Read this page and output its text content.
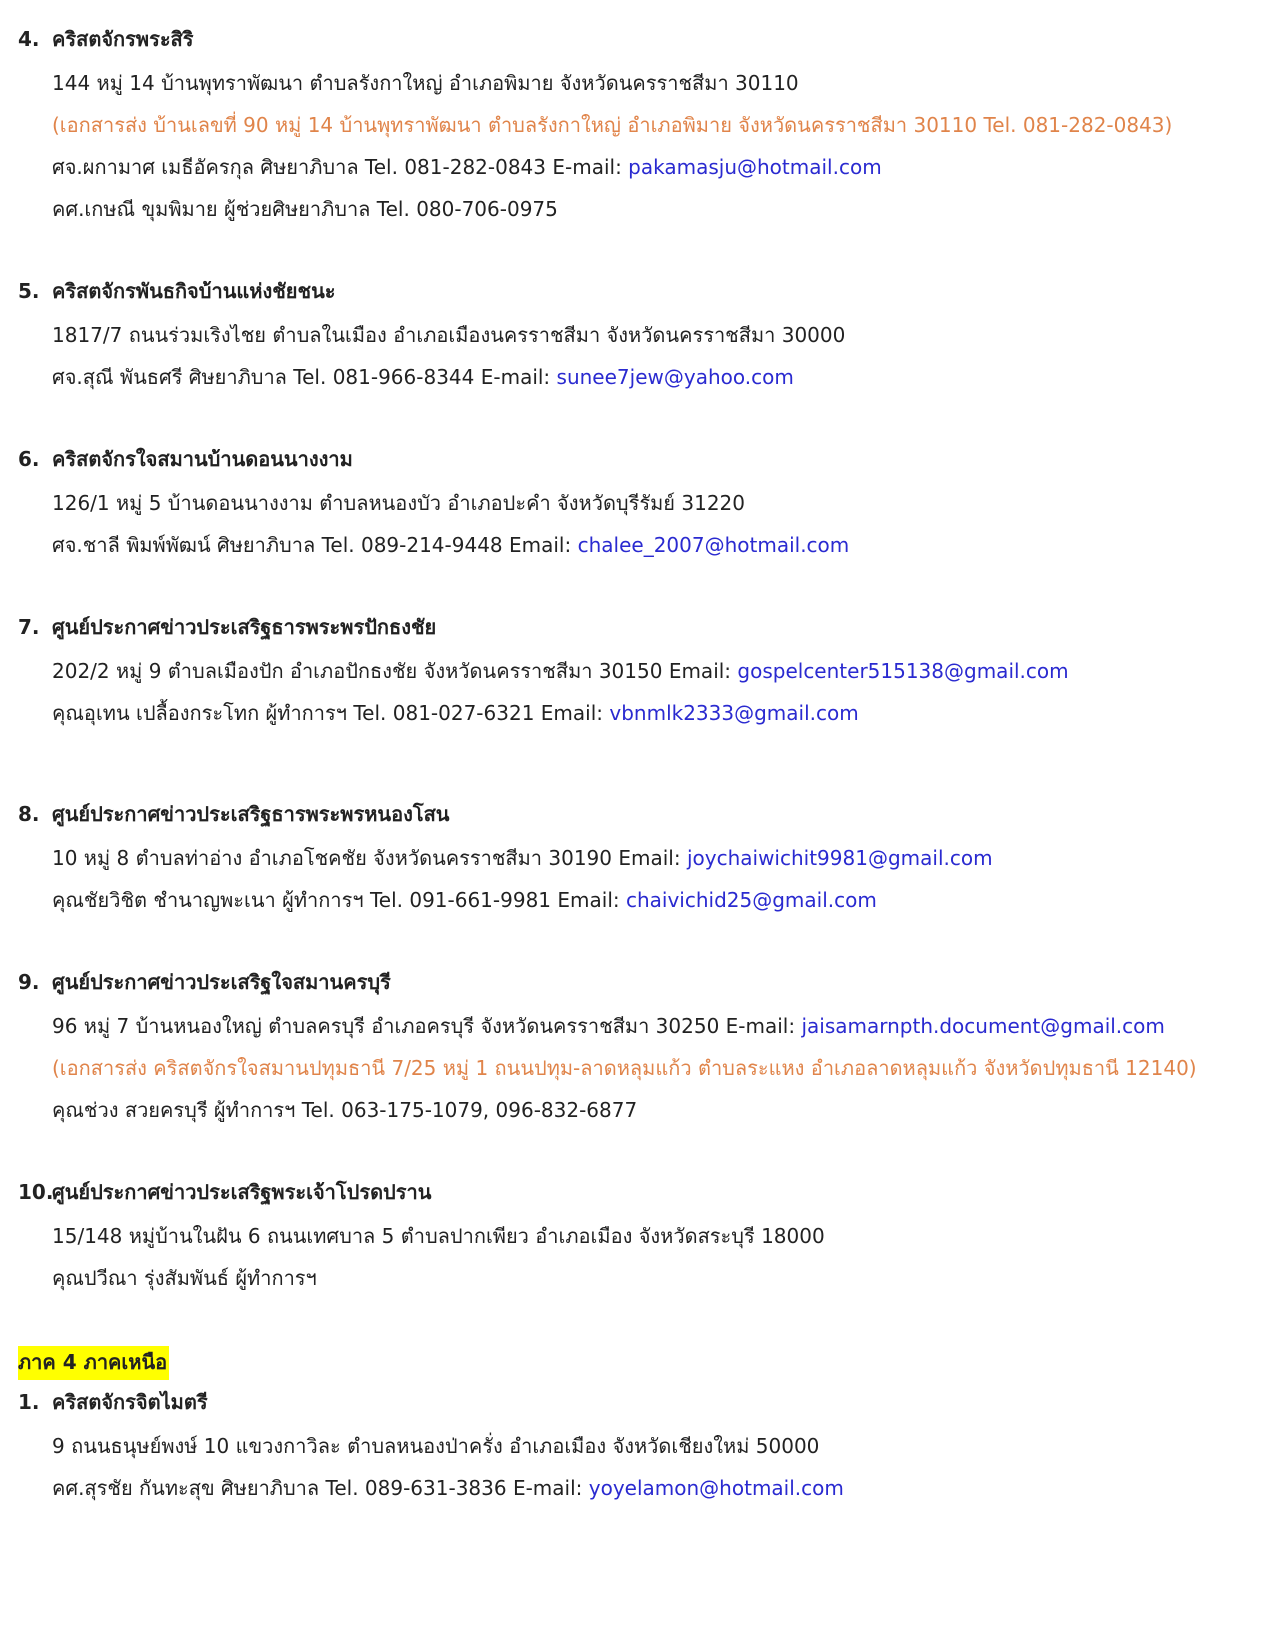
4. คริสตจักรพระสิริ
144 หมู่ 14 บ้านพุทราพัฒนา ตำบลรังกาใหญ่ อำเภอพิมาย จังหวัดนครราชสีมา 30110
(เอกสารส่ง บ้านเลขที่ 90 หมู่ 14 บ้านพุทราพัฒนา ตำบลรังกาใหญ่ อำเภอพิมาย จังหวัดนครราชสีมา 30110 Tel. 081-282-0843)
ศจ.ผกามาศ เมธีอัครกุล ศิษยาภิบาล Tel. 081-282-0843 E-mail: pakamasju@hotmail.com
คศ.เกษณี ขุมพิมาย ผู้ช่วยศิษยาภิบาล Tel. 080-706-0975
5. คริสตจักรพันธกิจบ้านแห่งชัยชนะ
1817/7 ถนนร่วมเริงไชย ตำบลในเมือง อำเภอเมืองนครราชสีมา จังหวัดนครราชสีมา 30000
ศจ.สุณี พันธศรี ศิษยาภิบาล Tel. 081-966-8344 E-mail: sunee7jew@yahoo.com
6. คริสตจักรใจสมานบ้านดอนนางงาม
126/1 หมู่ 5 บ้านดอนนางงาม ตำบลหนองบัว อำเภอปะคำ จังหวัดบุรีรัมย์ 31220
ศจ.ชาลี พิมพ์พัฒน์ ศิษยาภิบาล Tel. 089-214-9448 Email: chalee_2007@hotmail.com
7. ศูนย์ประกาศข่าวประเสริฐธารพระพรปักธงชัย
202/2 หมู่ 9 ตำบลเมืองปัก อำเภอปักธงชัย จังหวัดนครราชสีมา 30150 Email: gospelcenter515138@gmail.com
คุณอุเทน เปลื้องกระโทก ผู้ทำการฯ Tel. 081-027-6321 Email: vbnmlk2333@gmail.com
8. ศูนย์ประกาศข่าวประเสริฐธารพระพรหนองโสน
10 หมู่ 8 ตำบลท่าอ่าง อำเภอโชคชัย จังหวัดนครราชสีมา 30190 Email: joychaiwichit9981@gmail.com
คุณชัยวิชิต ชำนาญพะเนา ผู้ทำการฯ Tel. 091-661-9981 Email: chaivichid25@gmail.com
9. ศูนย์ประกาศข่าวประเสริฐใจสมานครบุรี
96 หมู่ 7 บ้านหนองใหญ่ ตำบลครบุรี อำเภอครบุรี จังหวัดนครราชสีมา 30250 E-mail: jaisamarnpth.document@gmail.com
(เอกสารส่ง คริสตจักรใจสมานปทุมธานี 7/25 หมู่ 1 ถนนปทุม-ลาดหลุมแก้ว ตำบลระแหง อำเภอลาดหลุมแก้ว จังหวัดปทุมธานี 12140)
คุณช่วง สวยครบุรี ผู้ทำการฯ Tel. 063-175-1079, 096-832-6877
10.
ศูนย์ประกาศข่าวประเสริฐพระเจ้าโปรดปราน
15/148 หมู่บ้านในฝัน 6 ถนนเทศบาล 5 ตำบลปากเพียว อำเภอเมือง จังหวัดสระบุรี 18000
คุณปวีณา รุ่งสัมพันธ์ ผู้ทำการฯ
ภาค 4 ภาคเหนือ
1. คริสตจักรจิตไมตรี
9 ถนนธนุษย์พงษ์ 10 แขวงกาวิละ ตำบลหนองป่าครั่ง อำเภอเมือง จังหวัดเชียงใหม่ 50000
คศ.สุรชัย กันทะสุข ศิษยาภิบาล Tel. 089-631-3836 E-mail: yoyelamon@hotmail.com
